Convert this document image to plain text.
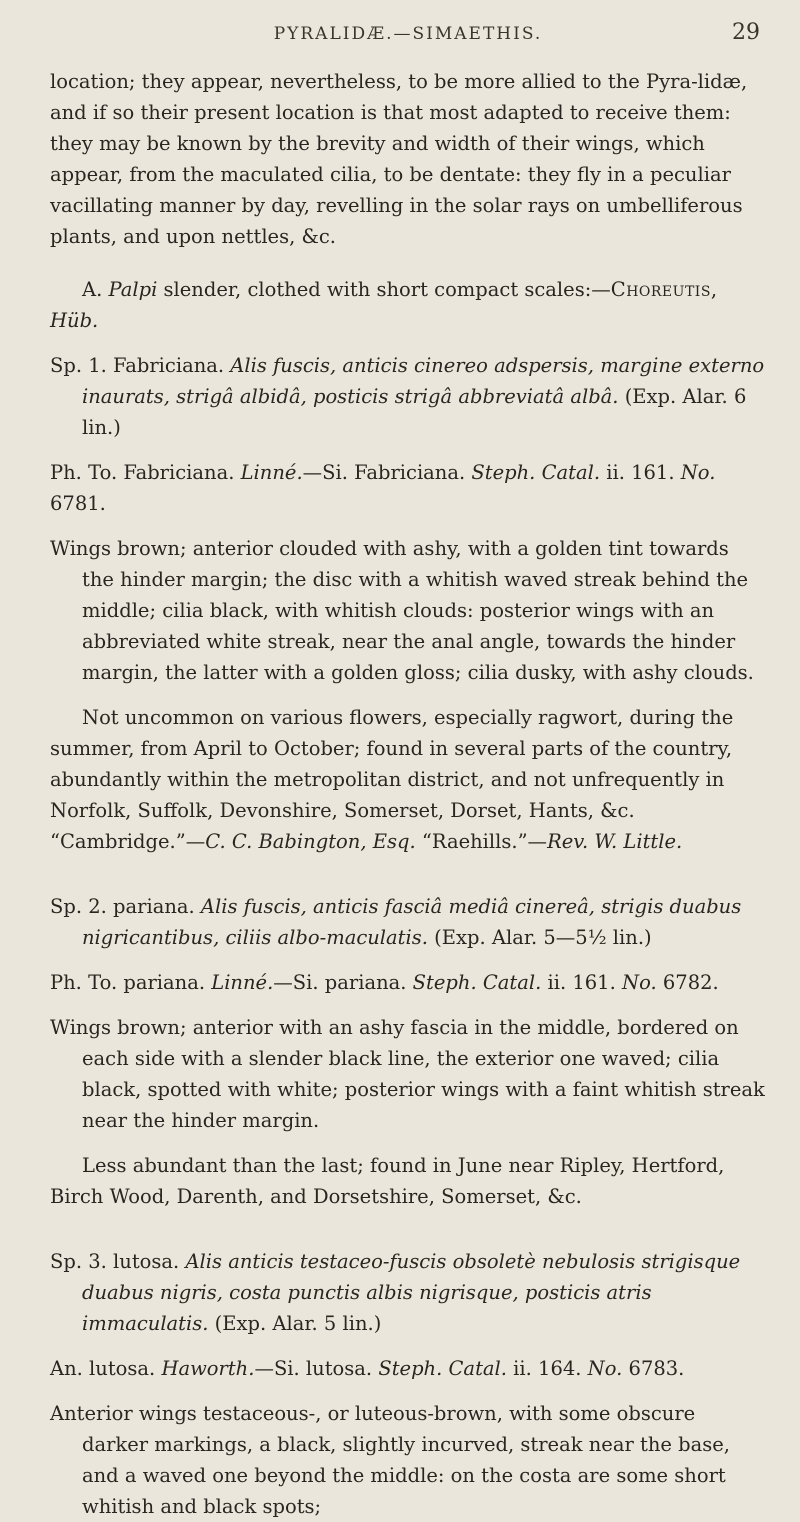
PYRALIDÆ.—SIMAETHIS.	29

location; they appear, nevertheless, to be more allied to the Pyra-lidæ, and if so their present location is that most adapted to receive them: they may be known by the brevity and width of their wings, which appear, from the maculated cilia, to be dentate: they fly in a peculiar vacillating manner by day, revelling in the solar rays on umbelliferous plants, and upon nettles, &c.

A. Palpi slender, clothed with short compact scales:—Choreutis, Hüb.

Sp. 1. Fabriciana. Alis fuscis, anticis cinereo adspersis, margine externo inaurats, strigâ albidâ, posticis strigâ abbreviatâ albâ. (Exp. Alar. 6 lin.)

Ph. To. Fabriciana. Linné.—Si. Fabriciana. Steph. Catal. ii. 161. No. 6781.

Wings brown; anterior clouded with ashy, with a golden tint towards the hinder margin; the disc with a whitish waved streak behind the middle; cilia black, with whitish clouds: posterior wings with an abbreviated white streak, near the anal angle, towards the hinder margin, the latter with a golden gloss; cilia dusky, with ashy clouds.

Not uncommon on various flowers, especially ragwort, during the summer, from April to October; found in several parts of the country, abundantly within the metropolitan district, and not unfrequently in Norfolk, Suffolk, Devonshire, Somerset, Dorset, Hants, &c. “Cambridge.”—C. C. Babington, Esq. “Raehills.”—Rev. W. Little.

Sp. 2. pariana. Alis fuscis, anticis fasciâ mediâ cinereâ, strigis duabus nigricantibus, ciliis albo-maculatis. (Exp. Alar. 5—5½ lin.)

Ph. To. pariana. Linné.—Si. pariana. Steph. Catal. ii. 161. No. 6782.

Wings brown; anterior with an ashy fascia in the middle, bordered on each side with a slender black line, the exterior one waved; cilia black, spotted with white; posterior wings with a faint whitish streak near the hinder margin.

Less abundant than the last; found in June near Ripley, Hertford, Birch Wood, Darenth, and Dorsetshire, Somerset, &c.

Sp. 3. lutosa. Alis anticis testaceo-fuscis obsoletè nebulosis strigisque duabus nigris, costa punctis albis nigrisque, posticis atris immaculatis. (Exp. Alar. 5 lin.)

An. lutosa. Haworth.—Si. lutosa. Steph. Catal. ii. 164. No. 6783.

Anterior wings testaceous-, or luteous-brown, with some obscure darker markings, a black, slightly incurved, streak near the base, and a waved one beyond the middle: on the costa are some short whitish and black spots;
